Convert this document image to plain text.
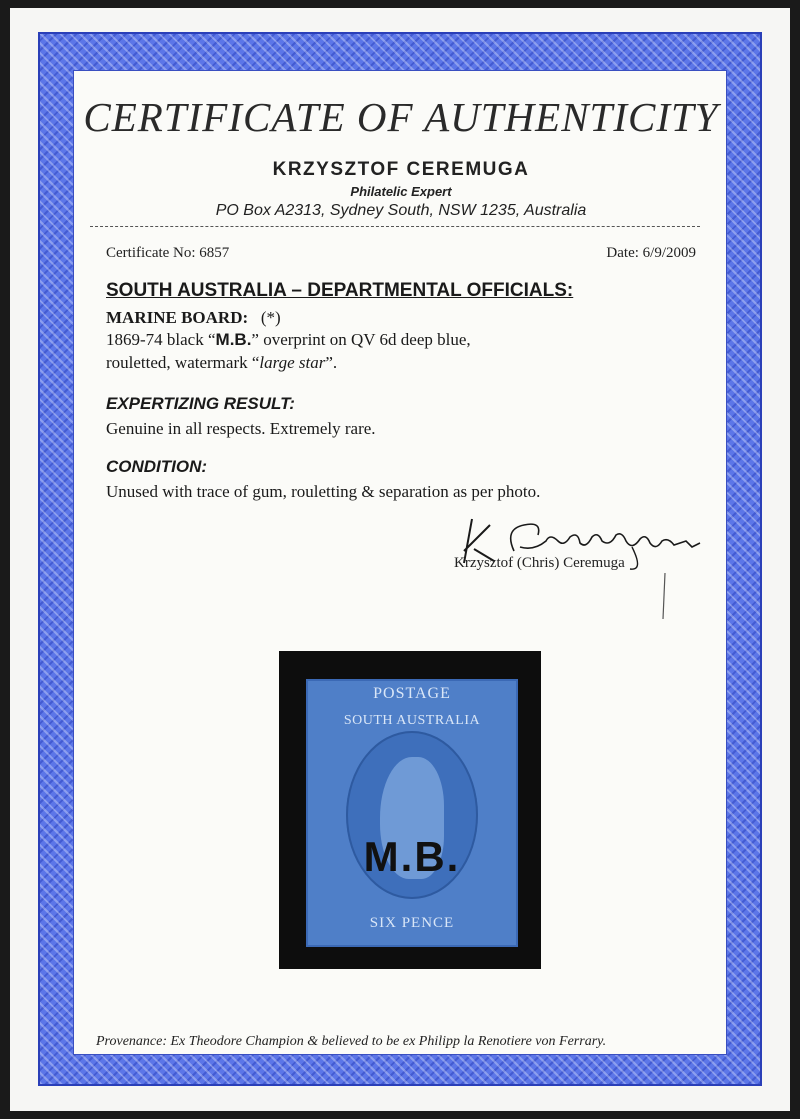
CERTIFICATE OF AUTHENTICITY
KRZYSZTOF CEREMUGA
Philatelic Expert
PO Box A2313, Sydney South, NSW 1235, Australia
Certificate No: 6857	Date: 6/9/2009
SOUTH AUSTRALIA – DEPARTMENTAL OFFICIALS:
MARINE BOARD: (*)
1869-74 black “M.B.” overprint on QV 6d deep blue,
rouletted, watermark “large star”.
EXPERTIZING RESULT:
Genuine in all respects. Extremely rare.
CONDITION:
Unused with trace of gum, rouletting & separation as per photo.
Krzysztof (Chris) Ceremuga
POSTAGE
SOUTH AUSTRALIA
M.B.
SIX PENCE
Provenance: Ex Theodore Champion & believed to be ex Philipp la Renotiere von Ferrary.
